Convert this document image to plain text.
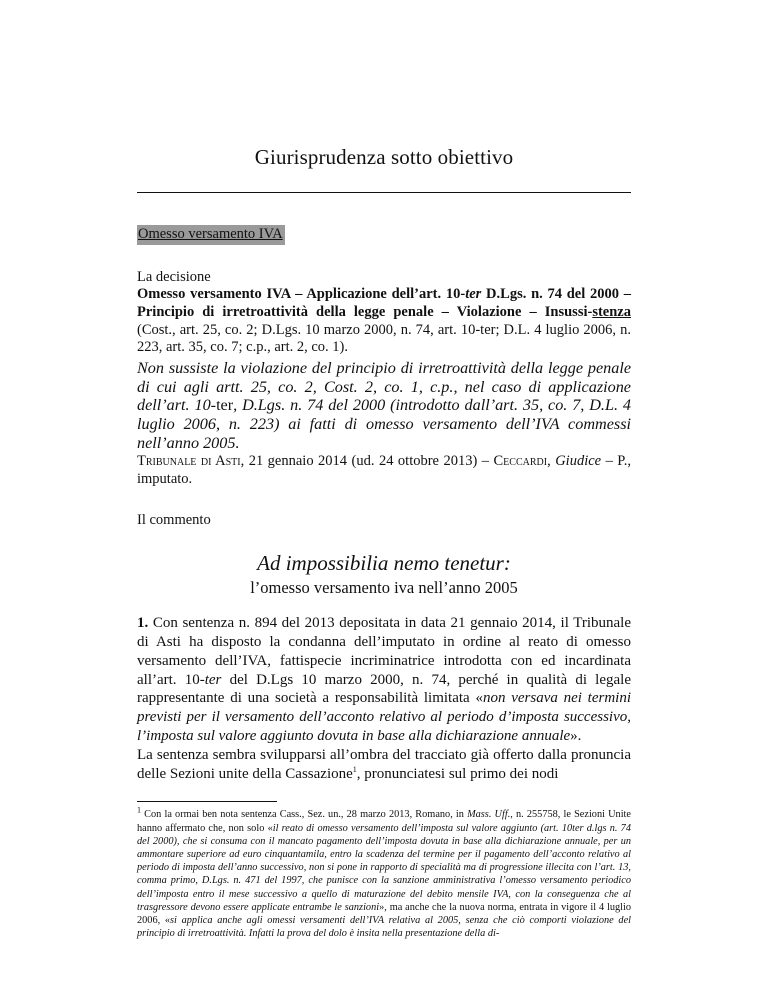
Giurisprudenza sotto obiettivo
Omesso versamento IVA
La decisione
Omesso versamento IVA – Applicazione dell’art. 10-ter D.Lgs. n. 74 del 2000 – Principio di irretroattività della legge penale – Violazione – Insussi-stenza (Cost., art. 25, co. 2; D.Lgs. 10 marzo 2000, n. 74, art. 10-ter; D.L. 4 luglio 2006, n. 223, art. 35, co. 7; c.p., art. 2, co. 1).
Non sussiste la violazione del principio di irretroattività della legge penale di cui agli artt. 25, co. 2, Cost. 2, co. 1, c.p., nel caso di applicazione dell’art. 10-ter, D.Lgs. n. 74 del 2000 (introdotto dall’art. 35, co. 7, D.L. 4 luglio 2006, n. 223) ai fatti di omesso versamento dell’IVA commessi nell’anno 2005.
Tribunale di Asti, 21 gennaio 2014 (ud. 24 ottobre 2013) – Ceccardi, Giudice – P., imputato.
Il commento
Ad impossibilia nemo tenetur:
l’omesso versamento iva nell’anno 2005

1. Con sentenza n. 894 del 2013 depositata in data 21 gennaio 2014, il Tribunale di Asti ha disposto la condanna dell’imputato in ordine al reato di omesso versamento dell’IVA, fattispecie incriminatrice introdotta con ed incardinata all’art. 10-ter del D.Lgs 10 marzo 2000, n. 74, perché in qualità di legale rappresentante di una società a responsabilità limitata «non versava nei termini previsti per il versamento dell’acconto relativo al periodo d’imposta successivo, l’imposta sul valore aggiunto dovuta in base alla dichiarazione annuale».

La sentenza sembra svilupparsi all’ombra del tracciato già offerto dalla pronuncia delle Sezioni unite della Cassazione$^1$, pronunciatesi sul primo dei nodi

$^1$ Con la ormai ben nota sentenza Cass., Sez. un., 28 marzo 2013, Romano, in Mass. Uff., n. 255758, le Sezioni Unite hanno affermato che, non solo «il reato di omesso versamento dell’imposta sul valore aggiunto (art. 10ter d.lgs n. 74 del 2000), che si consuma con il mancato pagamento dell’imposta dovuta in base alla dichiarazione annuale, per un ammontare superiore ad euro cinquantamila, entro la scadenza del termine per il pagamento dell’acconto relativo al periodo di imposta dell’anno successivo, non si pone in rapporto di specialità ma di progressione illecita con l’art. 13, comma primo, D.Lgs. n. 471 del 1997, che punisce con la sanzione amministrativa l’omesso versamento periodico dell’imposta entro il mese successivo a quello di maturazione del debito mensile IVA, con la conseguenza che al trasgressore devono essere applicate entrambe le sanzioni», ma anche che la nuova norma, entrata in vigore il 4 luglio 2006, «si applica anche agli omessi versamenti dell’IVA relativa al 2005, senza che ciò comporti violazione del principio di irretroattività. Infatti la prova del dolo è insita nella presentazione della di-
